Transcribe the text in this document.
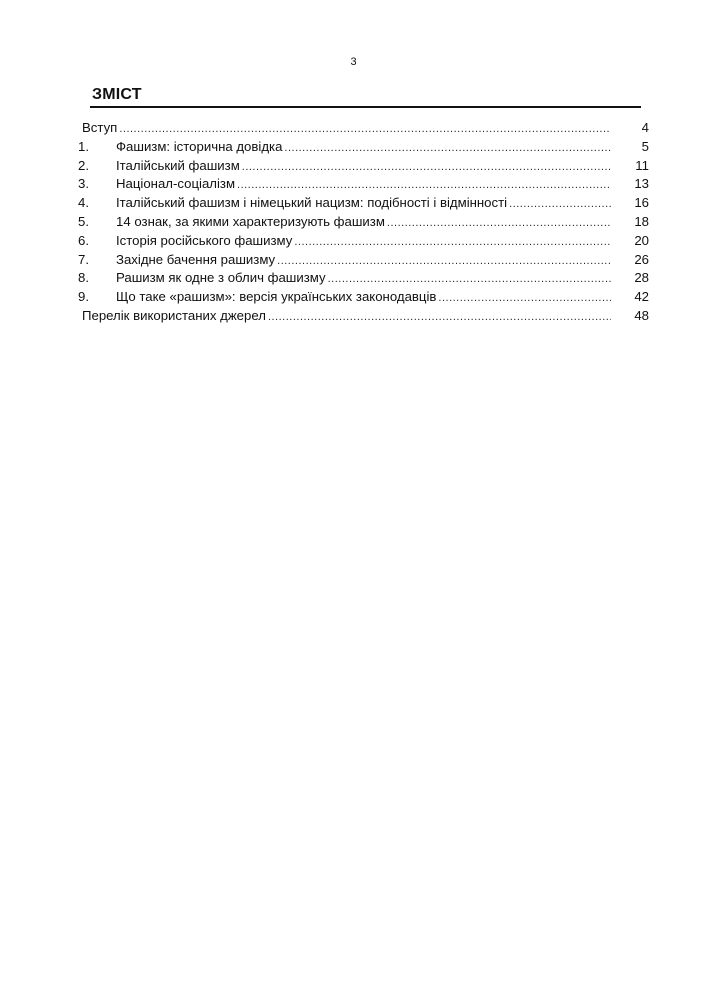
3
ЗМІСТ
Вступ .....	4
1.	Фашизм: історична довідка .....	5
2.	Італійський фашизм .....	11
3.	Націонал-соціалізм .....	13
4.	Італійський фашизм і німецький нацизм: подібності і відмінності .....	16
5.	14 ознак, за якими характеризують фашизм .....	18
6.	Історія російського фашизму .....	20
7.	Західне бачення рашизму .....	26
8.	Рашизм як одне з облич фашизму .....	28
9.	Що таке «рашизм»: версія українських законодавців .....	42
Перелік використаних джерел .....	48
